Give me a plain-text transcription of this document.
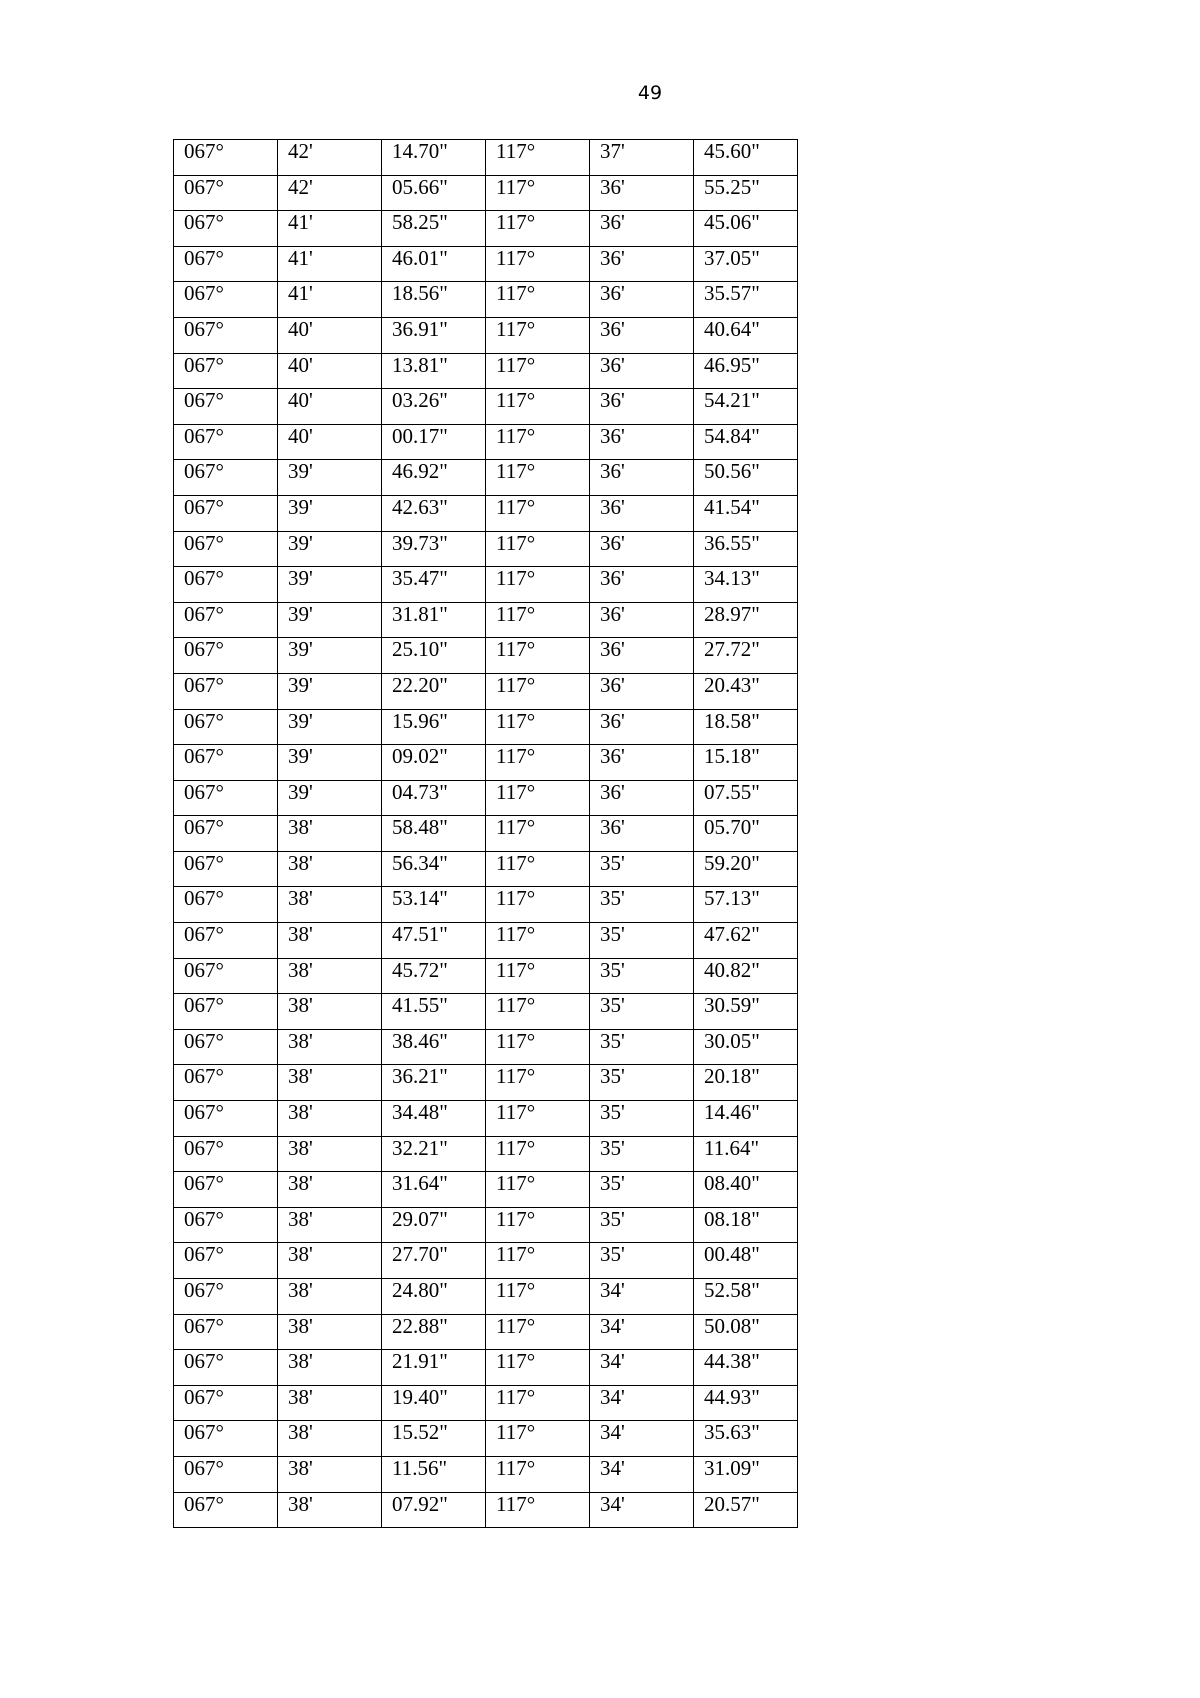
49
067°	42'	14.70"	117°	37'	45.60"
067°	42'	05.66"	117°	36'	55.25"
067°	41'	58.25"	117°	36'	45.06"
067°	41'	46.01"	117°	36'	37.05"
067°	41'	18.56"	117°	36'	35.57"
067°	40'	36.91"	117°	36'	40.64"
067°	40'	13.81"	117°	36'	46.95"
067°	40'	03.26"	117°	36'	54.21"
067°	40'	00.17"	117°	36'	54.84"
067°	39'	46.92"	117°	36'	50.56"
067°	39'	42.63"	117°	36'	41.54"
067°	39'	39.73"	117°	36'	36.55"
067°	39'	35.47"	117°	36'	34.13"
067°	39'	31.81"	117°	36'	28.97"
067°	39'	25.10"	117°	36'	27.72"
067°	39'	22.20"	117°	36'	20.43"
067°	39'	15.96"	117°	36'	18.58"
067°	39'	09.02"	117°	36'	15.18"
067°	39'	04.73"	117°	36'	07.55"
067°	38'	58.48"	117°	36'	05.70"
067°	38'	56.34"	117°	35'	59.20"
067°	38'	53.14"	117°	35'	57.13"
067°	38'	47.51"	117°	35'	47.62"
067°	38'	45.72"	117°	35'	40.82"
067°	38'	41.55"	117°	35'	30.59"
067°	38'	38.46"	117°	35'	30.05"
067°	38'	36.21"	117°	35'	20.18"
067°	38'	34.48"	117°	35'	14.46"
067°	38'	32.21"	117°	35'	11.64"
067°	38'	31.64"	117°	35'	08.40"
067°	38'	29.07"	117°	35'	08.18"
067°	38'	27.70"	117°	35'	00.48"
067°	38'	24.80"	117°	34'	52.58"
067°	38'	22.88"	117°	34'	50.08"
067°	38'	21.91"	117°	34'	44.38"
067°	38'	19.40"	117°	34'	44.93"
067°	38'	15.52"	117°	34'	35.63"
067°	38'	11.56"	117°	34'	31.09"
067°	38'	07.92"	117°	34'	20.57"
